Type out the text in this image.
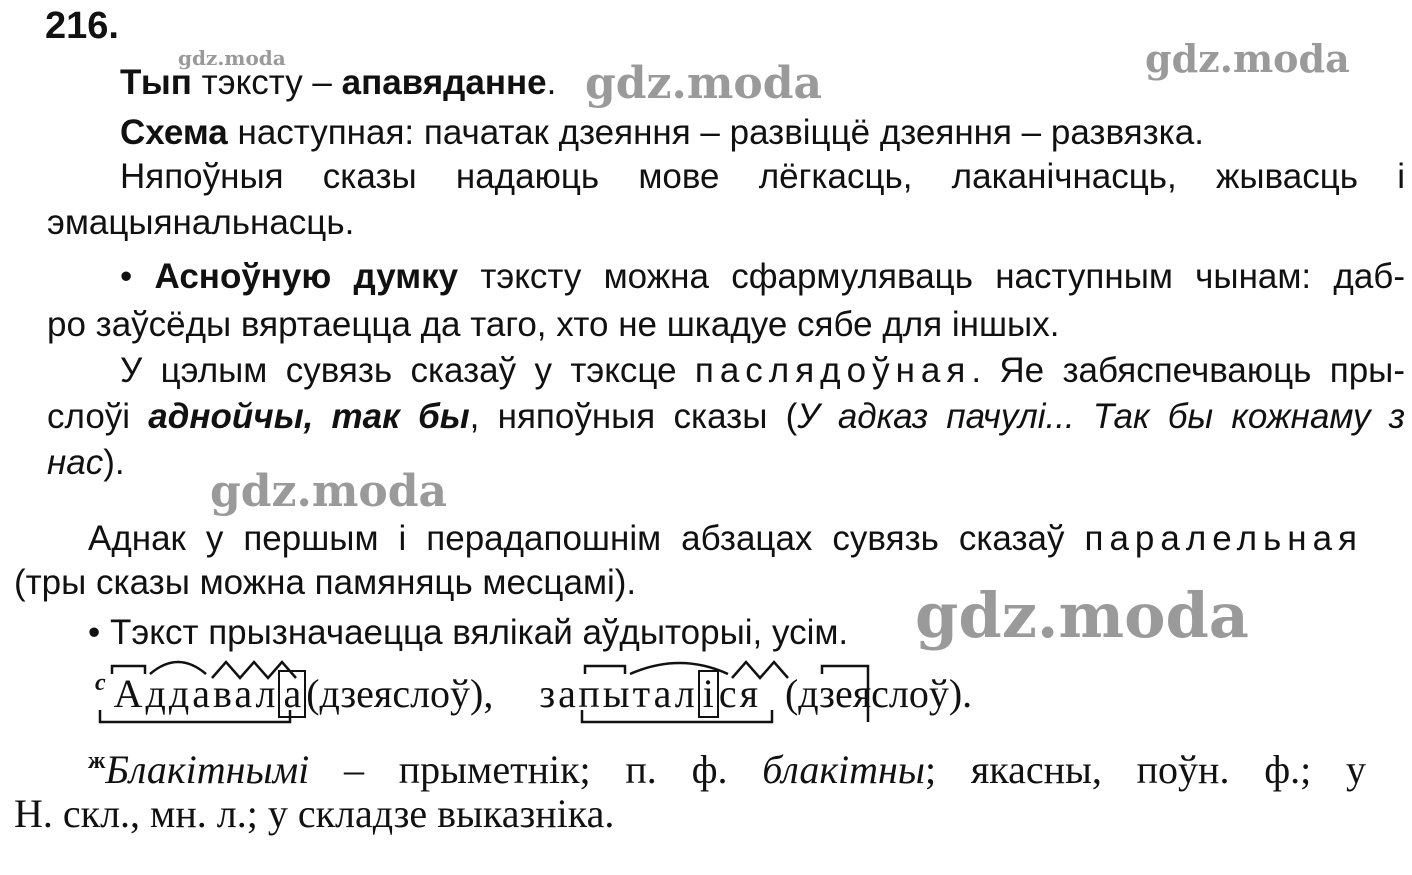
216.
gdz.moda	gdz.moda	gdz.moda
gdz.moda
gdz.moda
Тып тэксту – апавяданне.
Схема наступная: пачатак дзеяння – развіццё дзеяння – развязка.
Няпоўныя сказы надаюць мове лёгкасць, лаканічнасць, жывасць і
эмацыянальнасць.
• Асноўную думку тэксту можна сфармуляваць наступным чынам: даб-
ро заўсёды вяртаецца да таго, хто не шкадуе сябе для іншых.
У цэлым сувязь сказаў у тэксце паслядоўная. Яе забяспечваюць пры-
слоўі аднойчы, так бы, няпоўныя сказы (У адказ пачулі... Так бы кожнаму з
нас).
Аднак у першым і перадапошнім абзацах сувязь сказаў паралельная
(тры сказы можна памяняць месцамі).
• Тэкст прызначаецца вялікай аўдыторыі, усім.
$^с$ Аддавал а (дзеяслоў), запытал і ся (дзеяслоў).
$^ж$Блакітнымі – прыметнік; п. ф. блакітны; якасны, поўн. ф.; у
Н. скл., мн. л.; у складзе выказніка.
